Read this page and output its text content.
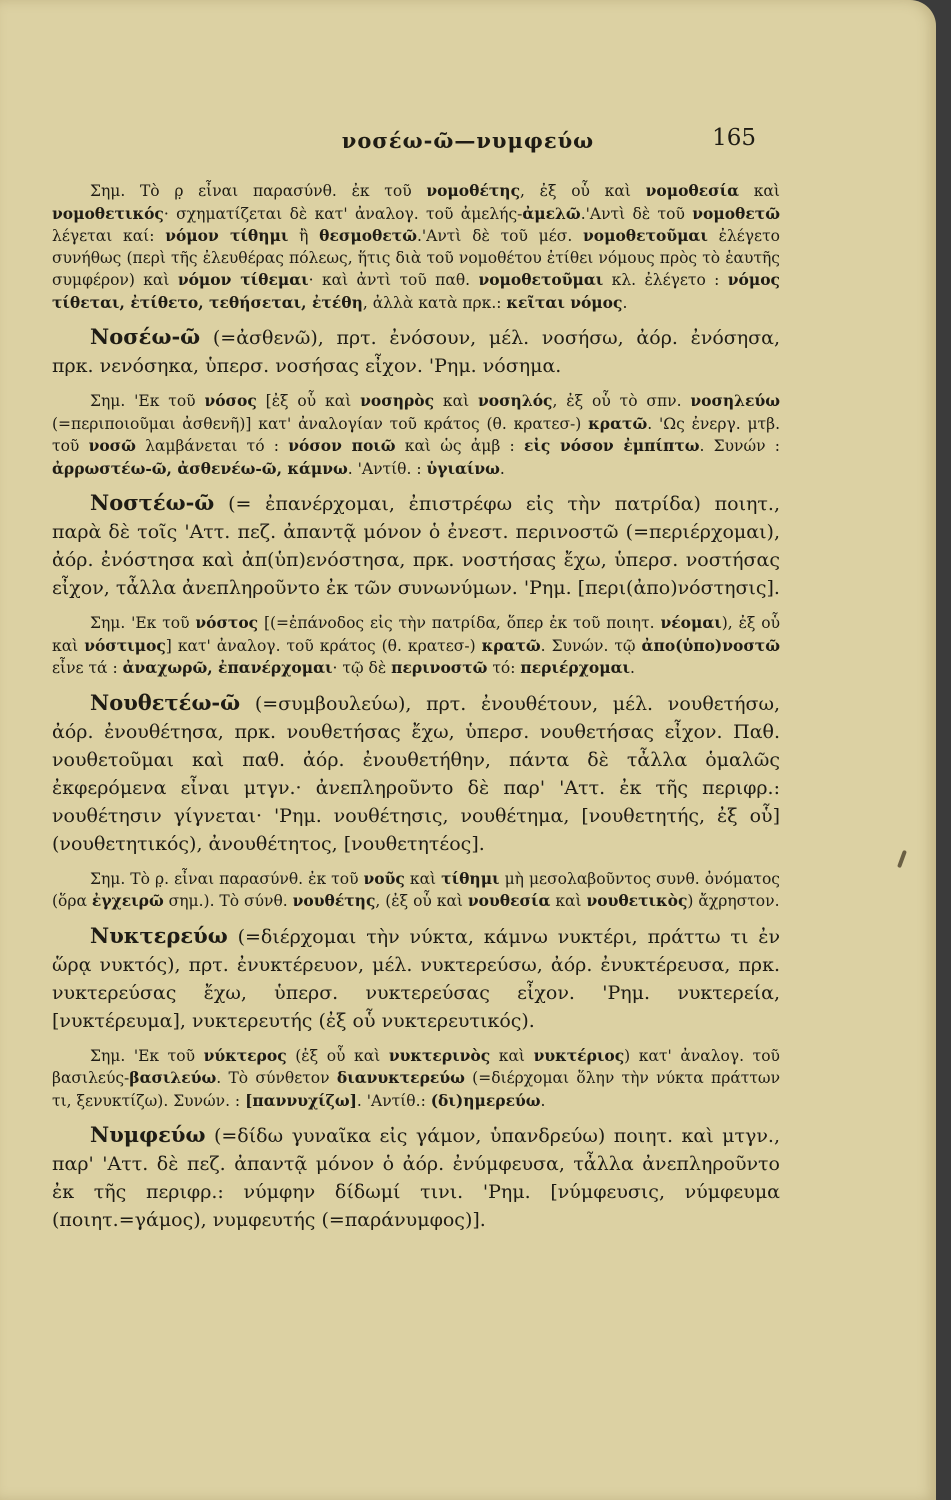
νοσέω-ῶ—νυμφεύω	165

Σημ. Τὸ ρ̣ εἶναι παρασύνθ. ἐκ τοῦ νομοθέτης, ἐξ οὗ καὶ νομοθεσία καὶ νομοθετικός· σχηματίζεται δὲ κατ' ἀναλογ. τοῦ ἀμελής-ἀμελῶ.'Αντὶ δὲ τοῦ νομοθετῶ λέγεται καί: νόμον τίθημι ἢ θεσμοθετῶ.'Αντὶ δὲ τοῦ μέσ. νομοθετοῦμαι ἐλέγετο συνήθως (περὶ τῆς ἐλευθέρας πόλεως, ἥτις διὰ τοῦ νομοθέτου ἐτίθει νόμους πρὸς τὸ ἑαυτῆς συμφέρον) καὶ νόμον τίθεμαι· καὶ ἀντὶ τοῦ παθ. νομοθετοῦμαι κλ. ἐλέγετο : νόμος τίθεται, ἐτίθετο, τεθήσεται, ἐτέθη, ἀλλὰ κατὰ πρκ.: κεῖται νόμος.

Νοσέω-ῶ (=ἀσθενῶ), πρτ. ἐνόσουν, μέλ. νοσήσω, ἀόρ. ἐνόσησα, πρκ. νενόσηκα, ὑπερσ. νοσήσας εἶχον. 'Ρημ. νόσημα.

Σημ. 'Εκ τοῦ νόσος [ἐξ οὗ καὶ νοσηρὸς καὶ νοσηλός, ἐξ οὗ τὸ σπν. νοσηλεύω (=περιποιοῦμαι ἀσθενῆ)] κατ' ἀναλογίαν τοῦ κράτος (θ. κρατεσ-) κρατῶ. 'Ως ἐνεργ. μτβ. τοῦ νοσῶ λαμβάνεται τό : νόσον ποιῶ καὶ ὡς ἀμβ : εἰς νόσον ἐμπίπτω. Συνών : ἀρρωστέω-ῶ, ἀσθενέω-ῶ, κάμνω. 'Αντίθ. : ὑγιαίνω.

Νοστέω-ῶ (= ἐπανέρχομαι, ἐπιστρέφω εἰς τὴν πατρίδα) ποιητ., παρὰ δὲ τοῖς 'Αττ. πεζ. ἀπαντᾷ μόνον ὁ ἐνεστ. περινοστῶ (=περιέρχομαι), ἀόρ. ἐνόστησα καὶ ἀπ(ὑπ)ενόστησα, πρκ. νοστήσας ἔχω, ὑπερσ. νοστήσας εἶχον, τἆλλα ἀνεπληροῦντο ἐκ τῶν συνωνύμων. 'Ρημ. [περι(ἀπο)νόστησις].

Σημ. 'Εκ τοῦ νόστος [(=ἐπάνοδος εἰς τὴν πατρίδα, ὅπερ ἐκ τοῦ ποιητ. νέομαι), ἐξ οὗ καὶ νόστιμος] κατ' ἀναλογ. τοῦ κράτος (θ. κρατεσ-) κρατῶ. Συνών. τῷ ἀπο(ὑπο)νοστῶ εἶνε τά : ἀναχωρῶ, ἐπανέρχομαι· τῷ δὲ περινοστῶ τό: περιέρχομαι.

Νουθετέω-ῶ (=συμβουλεύω), πρτ. ἐνουθέτουν, μέλ. νουθετήσω, ἀόρ. ἐνουθέτησα, πρκ. νουθετήσας ἔχω, ὑπερσ. νουθετήσας εἶχον. Παθ. νουθετοῦμαι καὶ παθ. ἀόρ. ἐνουθετήθην, πάντα δὲ τἆλλα ὁμαλῶς ἐκφερόμενα εἶναι μτγν.· ἀνεπληροῦντο δὲ παρ' 'Αττ. ἐκ τῆς περιφρ.: νουθέτησιν γίγνεται· 'Ρημ. νουθέτησις, νουθέτημα, [νουθετητής, ἐξ οὗ] (νουθετητικός), ἀνουθέτητος, [νουθετητέος].

Σημ. Τὸ ρ̣. εἶναι παρασύνθ. ἐκ τοῦ νοῦς καὶ τίθημι μὴ μεσολαβοῦντος συνθ. ὀνόματος (ὅρα ἐγχειρῶ σημ.). Τὸ σύνθ. νουθέτης, (ἐξ οὗ καὶ νουθεσία καὶ νουθετικὸς) ἄχρηστον.

Νυκτερεύω (=διέρχομαι τὴν νύκτα, κάμνω νυκτέρι, πράττω τι ἐν ὥρᾳ νυκτός), πρτ. ἐνυκτέρευον, μέλ. νυκτερεύσω, ἀόρ. ἐνυκτέρευσα, πρκ. νυκτερεύσας ἔχω, ὑπερσ. νυκτερεύσας εἶχον. 'Ρημ. νυκτερεία, [νυκτέρευμα], νυκτερευτής (ἐξ οὗ νυκτερευτικός).

Σημ. 'Εκ τοῦ νύκτερος (ἐξ οὗ καὶ νυκτερινὸς καὶ νυκτέριος) κατ' ἀναλογ. τοῦ βασιλεύς-βασιλεύω. Τὸ σύνθετον διανυκτερεύω (=διέρχομαι ὅλην τὴν νύκτα πράττων τι, ξενυκτίζω). Συνών. : [παννυχίζω]. 'Αντίθ.: (δι)ημερεύω.

Νυμφεύω (=δίδω γυναῖκα εἰς γάμον, ὑπανδρεύω) ποιητ. καὶ μτγν., παρ' 'Αττ. δὲ πεζ. ἀπαντᾷ μόνον ὁ ἀόρ. ἐνύμφευσα, τἆλλα ἀνεπληροῦντο ἐκ τῆς περιφρ.: νύμφην δίδωμί τινι. 'Ρημ. [νύμφευσις, νύμφευμα (ποιητ.=γάμος), νυμφευτής (=παράνυμφος)].
